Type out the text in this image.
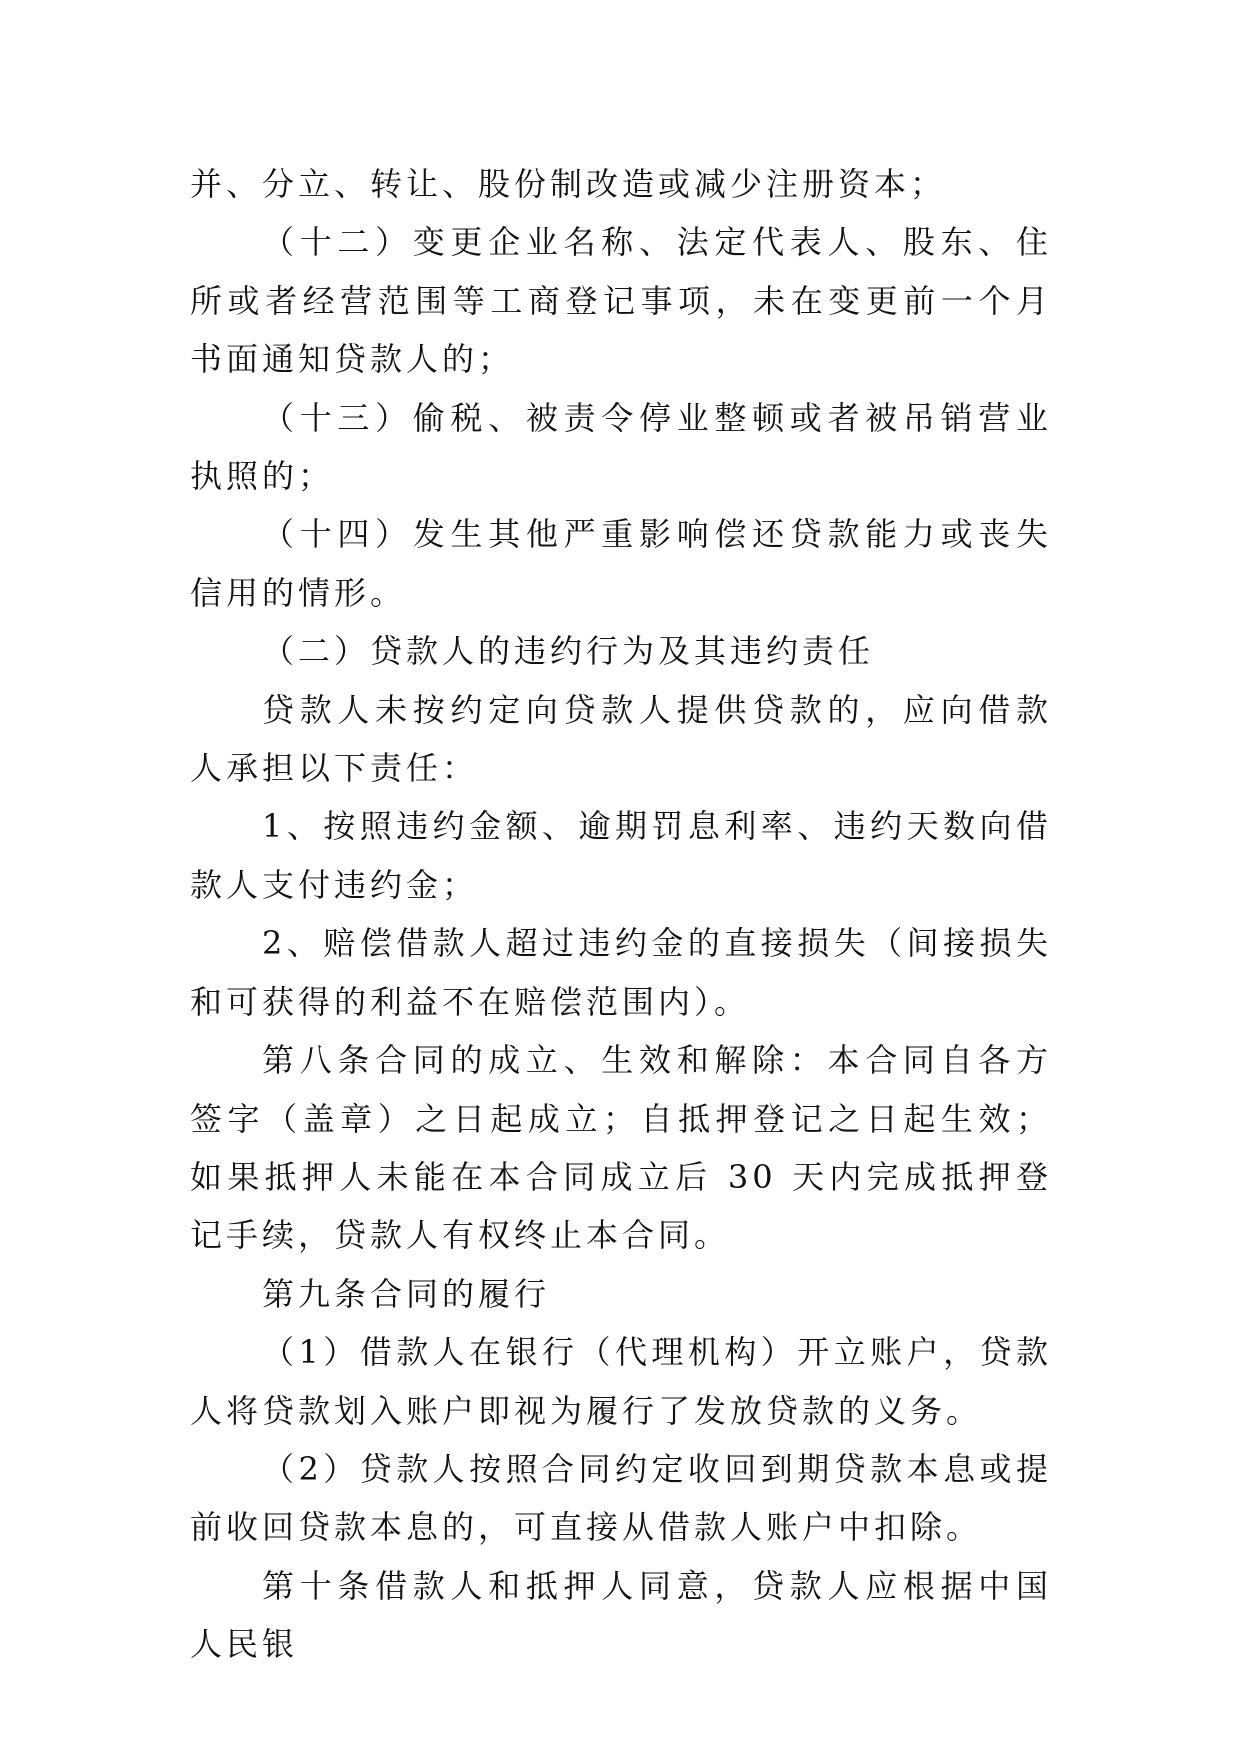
并、分立、转让、股份制改造或减少注册资本；

（十二）变更企业名称、法定代表人、股东、住所或者经营范围等工商登记事项，未在变更前一个月书面通知贷款人的；

（十三）偷税、被责令停业整顿或者被吊销营业执照的；

（十四）发生其他严重影响偿还贷款能力或丧失信用的情形。

（二）贷款人的违约行为及其违约责任

贷款人未按约定向贷款人提供贷款的，应向借款人承担以下责任：

1、按照违约金额、逾期罚息利率、违约天数向借款人支付违约金；

2、赔偿借款人超过违约金的直接损失（间接损失和可获得的利益不在赔偿范围内）。

第八条合同的成立、生效和解除：本合同自各方签字（盖章）之日起成立；自抵押登记之日起生效；如果抵押人未能在本合同成立后 30 天内完成抵押登记手续，贷款人有权终止本合同。

第九条合同的履行

（1）借款人在银行（代理机构）开立账户，贷款人将贷款划入账户即视为履行了发放贷款的义务。

（2）贷款人按照合同约定收回到期贷款本息或提前收回贷款本息的，可直接从借款人账户中扣除。

第十条借款人和抵押人同意，贷款人应根据中国人民银
